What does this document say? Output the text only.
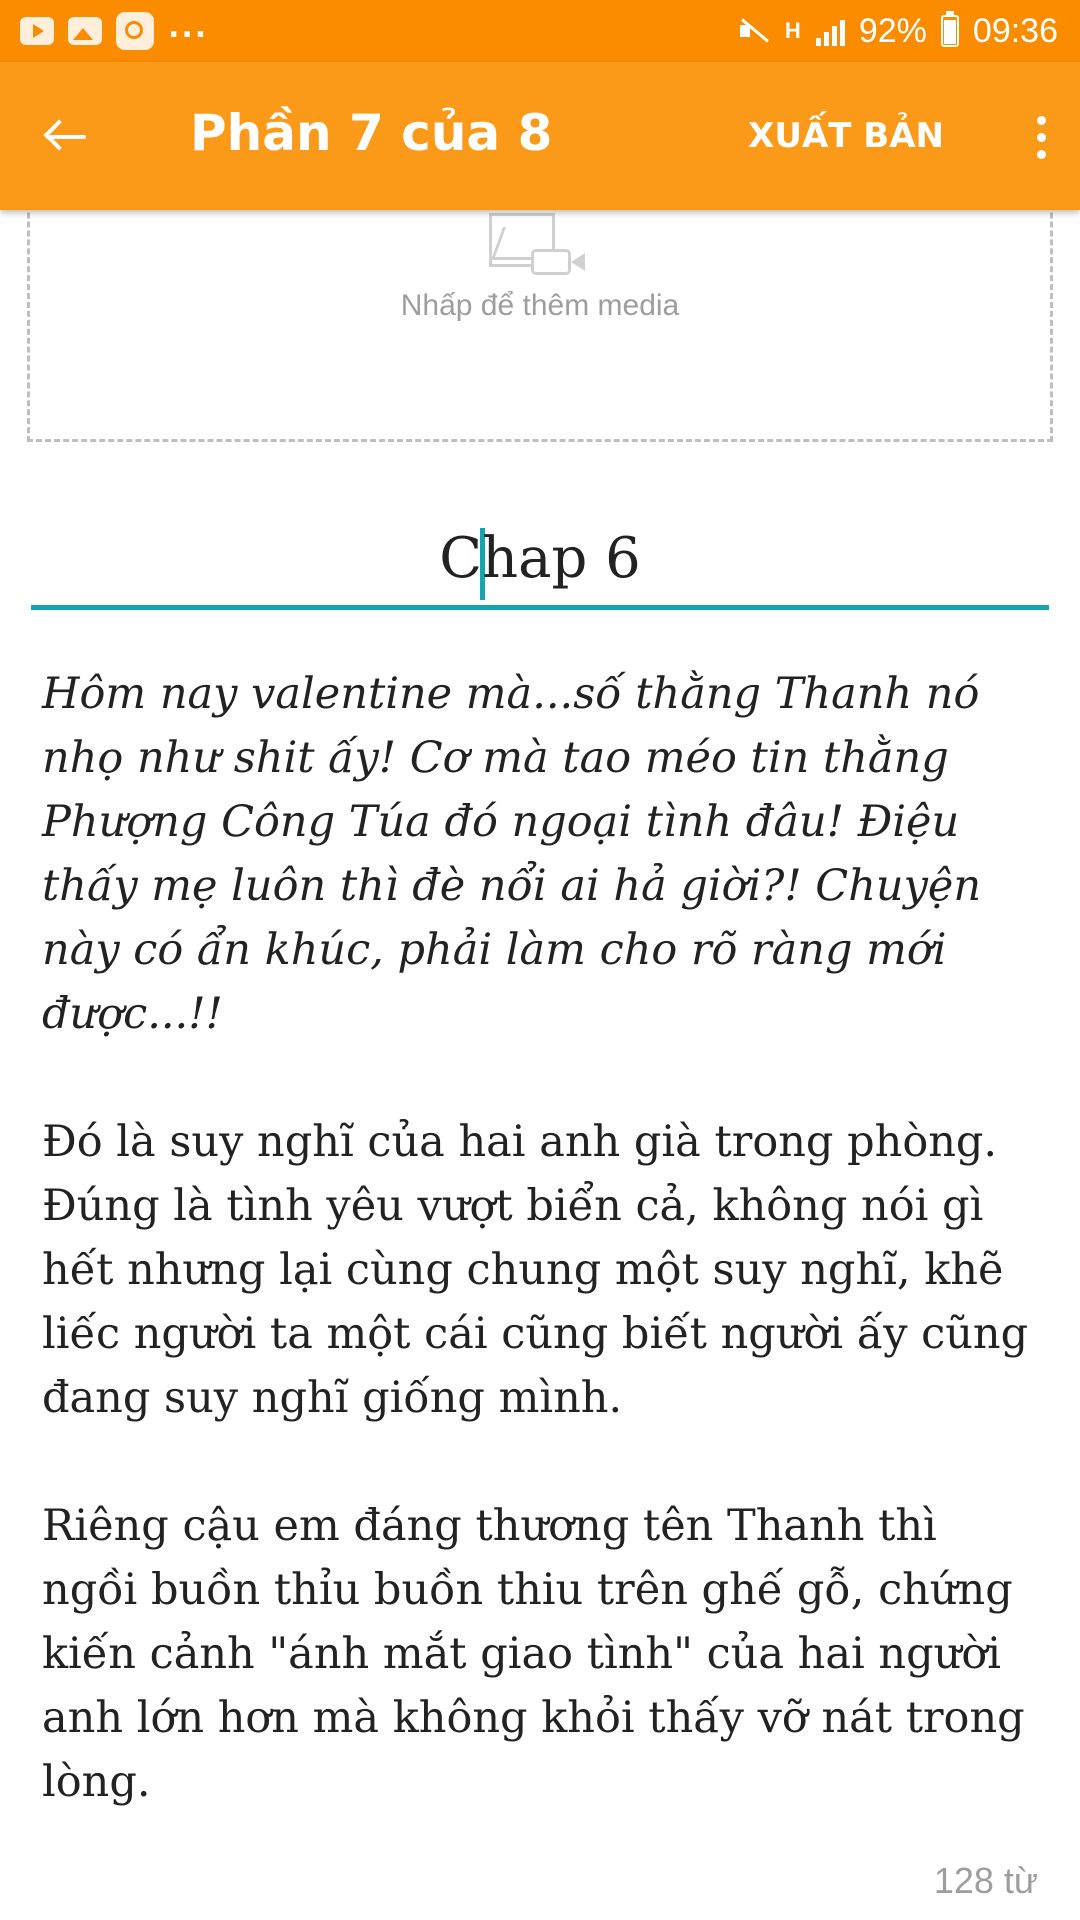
...	H 92% 09:36
Phần 7 của 8	XUẤT BẢN
Nhấp để thêm media
Chap 6

Hôm nay valentine mà...số thằng Thanh nó nhọ như shit ấy! Cơ mà tao méo tin thằng Phượng Công Túa đó ngoại tình đâu! Điệu thấy mẹ luôn thì đè nổi ai hả giời?! Chuyện này có ẩn khúc, phải làm cho rõ ràng mới được...!!

Đó là suy nghĩ của hai anh già trong phòng. Đúng là tình yêu vượt biển cả, không nói gì hết nhưng lại cùng chung một suy nghĩ, khẽ liếc người ta một cái cũng biết người ấy cũng đang suy nghĩ giống mình.

Riêng cậu em đáng thương tên Thanh thì ngồi buồn thỉu buồn thiu trên ghế gỗ, chứng kiến cảnh "ánh mắt giao tình" của hai người anh lớn hơn mà không khỏi thấy vỡ nát trong lòng.

128 từ
